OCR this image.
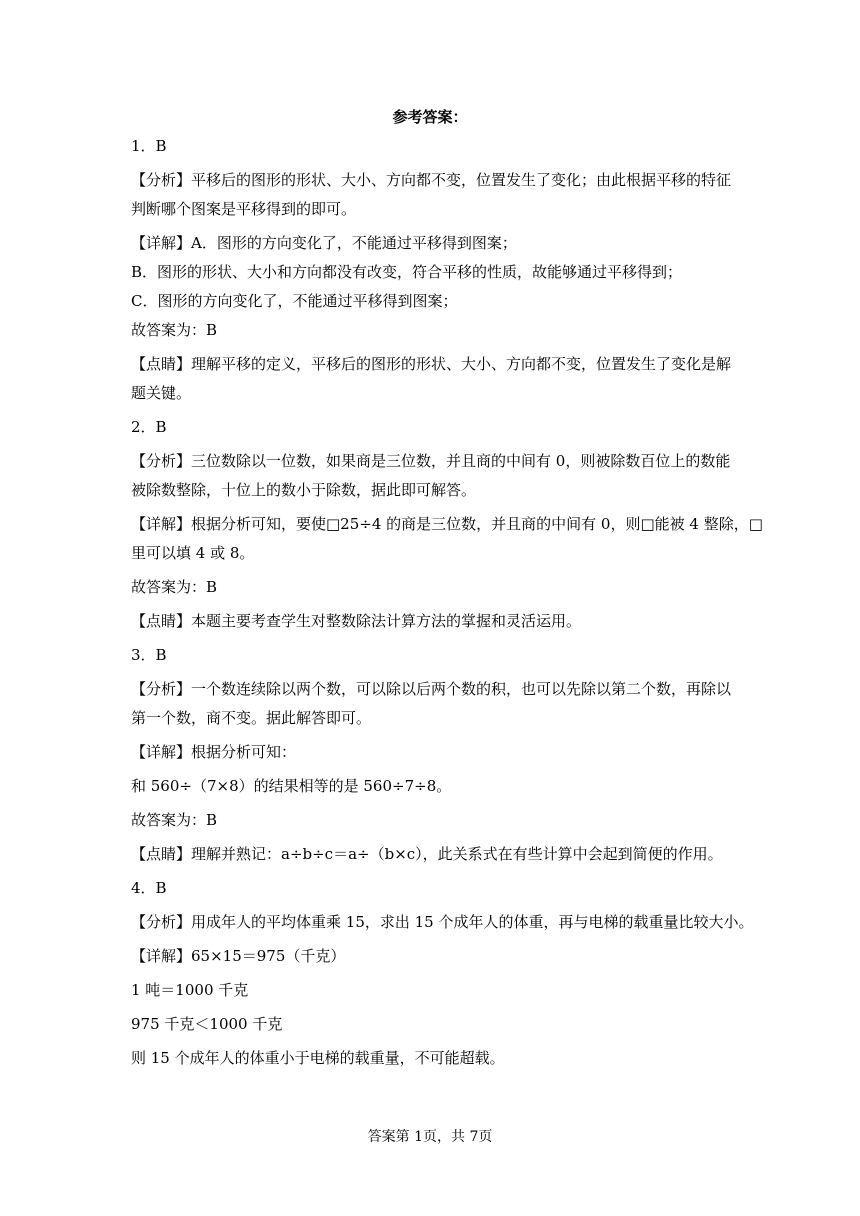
参考答案：
1．B
【分析】平移后的图形的形状、大小、方向都不变，位置发生了变化；由此根据平移的特征
判断哪个图案是平移得到的即可。
【详解】A．图形的方向变化了，不能通过平移得到图案；
B．图形的形状、大小和方向都没有改变，符合平移的性质，故能够通过平移得到；
C．图形的方向变化了，不能通过平移得到图案；
故答案为：B
【点睛】理解平移的定义，平移后的图形的形状、大小、方向都不变，位置发生了变化是解
题关键。
2．B
【分析】三位数除以一位数，如果商是三位数，并且商的中间有 0，则被除数百位上的数能
被除数整除，十位上的数小于除数，据此即可解答。
【详解】根据分析可知，要使□25÷4 的商是三位数，并且商的中间有 0，则□能被 4 整除，□
里可以填 4 或 8。
故答案为：B
【点睛】本题主要考查学生对整数除法计算方法的掌握和灵活运用。
3．B
【分析】一个数连续除以两个数，可以除以后两个数的积，也可以先除以第二个数，再除以
第一个数，商不变。据此解答即可。
【详解】根据分析可知：
和 560÷（7×8）的结果相等的是 560÷7÷8。
故答案为：B
【点睛】理解并熟记：a÷b÷c＝a÷（b×c），此关系式在有些计算中会起到简便的作用。
4．B
【分析】用成年人的平均体重乘 15，求出 15 个成年人的体重，再与电梯的载重量比较大小。
【详解】65×15＝975（千克）
1 吨＝1000 千克
975 千克＜1000 千克
则 15 个成年人的体重小于电梯的载重量，不可能超载。
答案第 1页，共 7页
